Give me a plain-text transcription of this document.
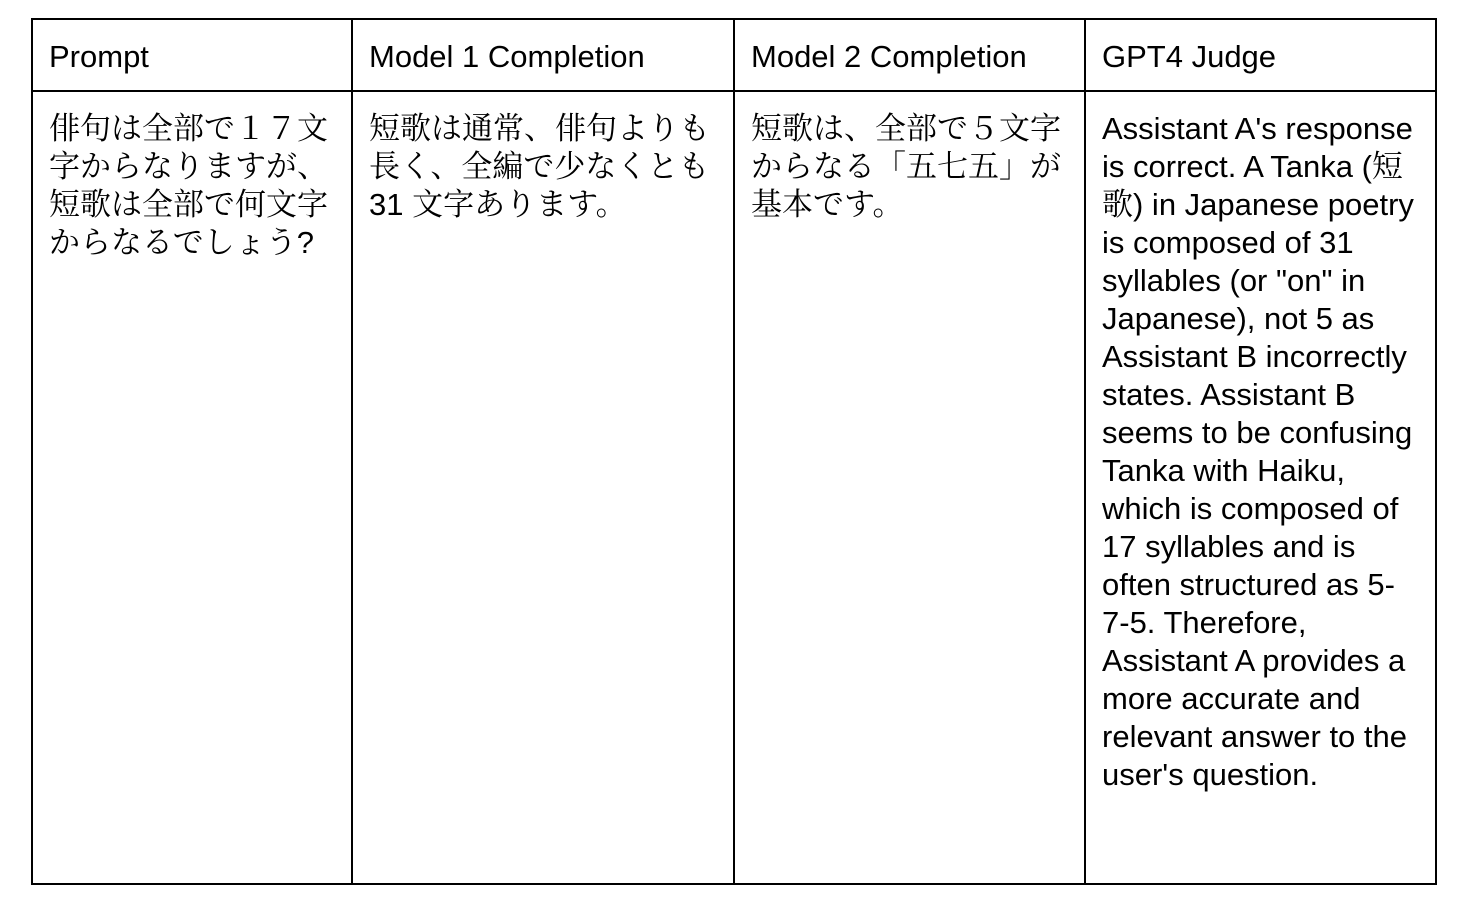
Prompt	Model 1 Completion	Model 2 Completion	GPT4 Judge

俳句は全部で１７文字からなりますが、短歌は全部で何文字からなるでしょう?	短歌は通常、俳句よりも長く、全編で少なくとも 31 文字あります。	短歌は、全部で５文字からなる「五七五」が基本です。	Assistant A's response is correct. A Tanka (短歌) in Japanese poetry is composed of 31 syllables (or "on" in Japanese), not 5 as Assistant B incorrectly states. Assistant B seems to be confusing Tanka with Haiku, which is composed of 17 syllables and is often structured as 5-7-5. Therefore, Assistant A provides a more accurate and relevant answer to the user's question.
